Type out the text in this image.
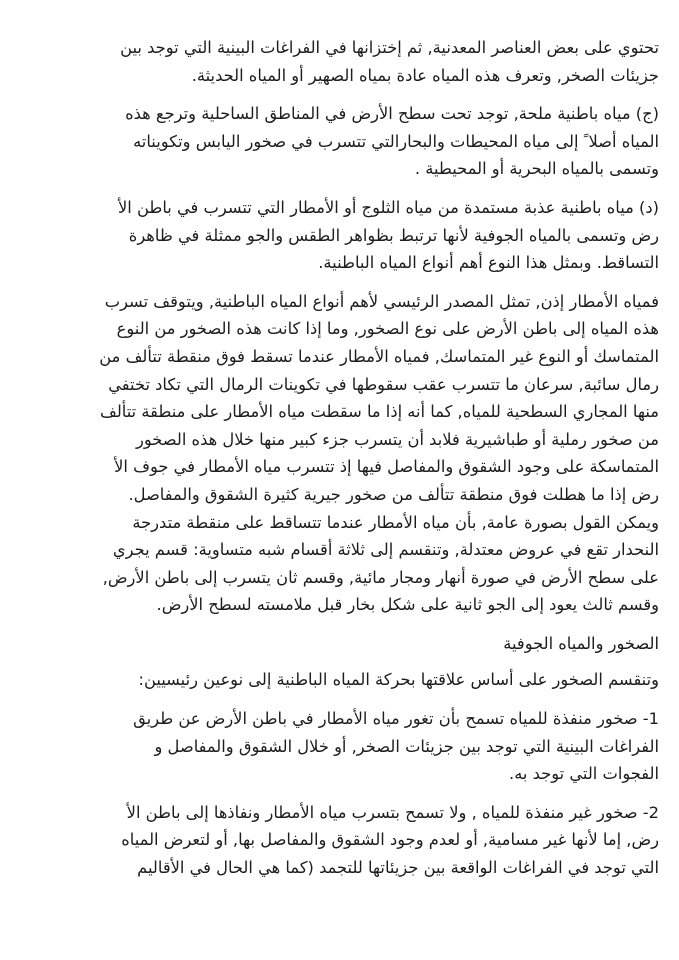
تحتوي على بعض العناصر المعدنية, ثم إختزانها في الفراغات البينية التي توجد بين
جزيئات الصخر, وتعرف هذه المياه عادة بمياه الصهير أو المياه الحديثة.

(ج) مياه باطنية ملحة, توجد تحت سطح الأرض في المناطق الساحلية وترجع هذه
المياه أصلا ً إلى مياه المحيطات والبحارالتي تتسرب في صخور اليابس وتكويناته
وتسمى بالمياه البحرية أو المحيطية .

(د) مياه باطنية عذبة مستمدة من مياه الثلوج أو الأمطار التي تتسرب في باطن الأ
رض وتسمى بالمياه الجوفية لأنها ترتبط بظواهر الطقس والجو ممثلة في ظاهرة
التساقط. وبمثل هذا النوع أهم أنواع المياه الباطنية.

فمياه الأمطار إذن, تمثل المصدر الرئيسي لأهم أنواع المياه الباطنية, ويتوقف تسرب
هذه المياه إلى باطن الأرض على نوع الصخور, وما إذا كانت هذه الصخور من النوع
المتماسك أو النوع غير المتماسك, فمياه الأمطار عندما تسقط فوق منقطة تتألف من
رمال سائبة, سرعان ما تتسرب عقب سقوطها في تكوينات الرمال التي تكاد تختفي
منها المجاري السطحية للمياه, كما أنه إذا ما سقطت مياه الأمطار على منطقة تتألف
من صخور رملية أو طباشيرية فلابد أن يتسرب جزء كبير منها خلال هذه الصخور
المتماسكة على وجود الشقوق والمفاصل فيها إذ تتسرب مياه الأمطار في جوف الأ
رض إذا ما هطلت فوق منطقة تتألف من صخور جيرية كثيرة الشقوق والمفاصل.
ويمكن القول بصورة عامة, بأن مياه الأمطار عندما تتساقط على منقطة متدرجة
النحدار تقع في عروض معتدلة, وتنقسم إلى ثلاثة أقسام شبه متساوية: قسم يجري
على سطح الأرض في صورة أنهار ومجار مائية, وقسم ثان يتسرب إلى باطن الأرض,
وقسم ثالث يعود إلى الجو ثانية على شكل بخار قبل ملامسته لسطح الأرض.

الصخور والمياه الجوفية

وتنقسم الصخور على أساس علاقتها بحركة المياه الباطنية إلى نوعين رئيسيين:

1- صخور منفذة للمياه تسمح بأن تغور مياه الأمطار في باطن الأرض عن طريق
الفراغات البينية التي توجد بين جزيئات الصخر, أو خلال الشقوق والمفاصل و
الفجوات التي توجد به.

2- صخور غير منفذة للمياه , ولا تسمح بتسرب مياه الأمطار ونفاذها إلى باطن الأ
رض, إما لأنها غير مسامية, أو لعدم وجود الشقوق والمفاصل بها, أو لتعرض المياه
التي توجد في الفراغات الواقعة بين جزيئاتها للتجمد (كما هي الحال في الأقاليم
